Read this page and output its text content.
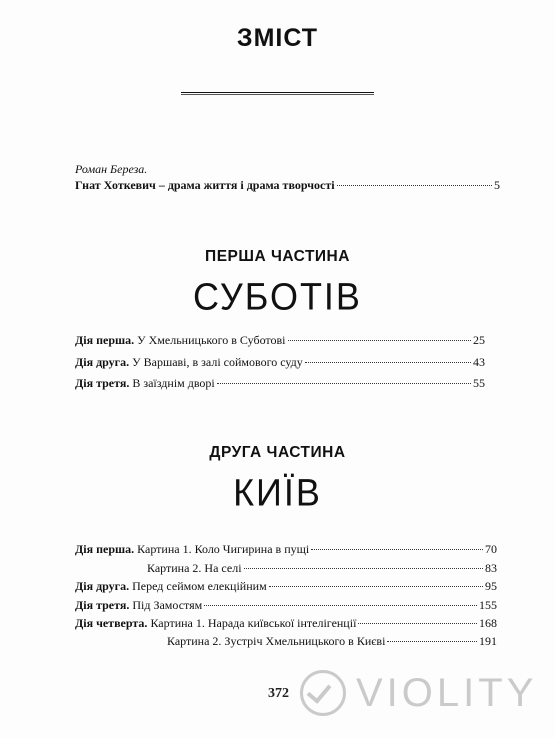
ЗМІСТ
Роман Береза.
Гнат Хоткевич – драма життя і драма творчості	5
ПЕРША ЧАСТИНА
СУБОТІВ
Дія перша. У Хмельницького в Суботові	25
Дія друга. У Варшаві, в залі соймового суду	43
Дія третя. В заїзднім дворі	55
ДРУГА ЧАСТИНА
КИЇВ
Дія перша. Картина 1. Коло Чигирина в пущі	70
Картина 2. На селі	83
Дія друга. Перед сеймом елекційним	95
Дія третя. Під Замостям	155
Дія четверта. Картина 1. Нарада київської інтелігенції	168
Картина 2. Зустріч Хмельницького в Києві	191
372 VIOLITY
